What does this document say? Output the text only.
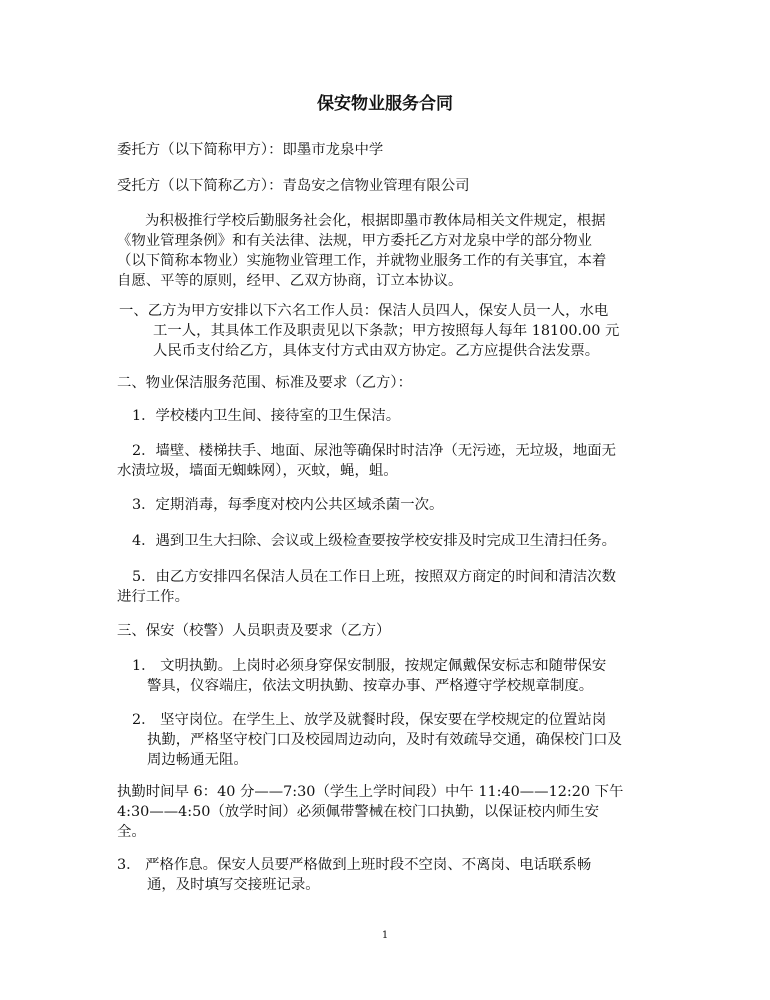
保安物业服务合同

委托方（以下简称甲方）：即墨市龙泉中学

受托方（以下简称乙方）：青岛安之信物业管理有限公司

为积极推行学校后勤服务社会化，根据即墨市教体局相关文件规定，根据

《物业管理条例》和有关法律、法规，甲方委托乙方对龙泉中学的部分物业

（以下简称本物业）实施物业管理工作，并就物业服务工作的有关事宜，本着

自愿、平等的原则，经甲、乙双方协商，订立本协议。

一、乙方为甲方安排以下六名工作人员：保洁人员四人，保安人员一人，水电

工一人，其具体工作及职责见以下条款；甲方按照每人每年 18100.00 元

人民币支付给乙方，具体支付方式由双方协定。乙方应提供合法发票。

二、物业保洁服务范围、标准及要求（乙方）：

1．学校楼内卫生间、接待室的卫生保洁。

2．墙壁、楼梯扶手、地面、尿池等确保时时洁净（无污迹，无垃圾，地面无

水渍垃圾，墙面无蜘蛛网），灭蚊，蝇，蛆。

3．定期消毒，每季度对校内公共区域杀菌一次。

4．遇到卫生大扫除、会议或上级检查要按学校安排及时完成卫生清扫任务。

5．由乙方安排四名保洁人员在工作日上班，按照双方商定的时间和清洁次数

进行工作。

三、保安（校警）人员职责及要求（乙方）

1． 文明执勤。上岗时必须身穿保安制服，按规定佩戴保安标志和随带保安

警具，仪容端庄，依法文明执勤、按章办事、严格遵守学校规章制度。

2． 坚守岗位。在学生上、放学及就餐时段，保安要在学校规定的位置站岗

执勤，严格坚守校门口及校园周边动向，及时有效疏导交通，确保校门口及

周边畅通无阻。

执勤时间早 6：40 分——7:30（学生上学时间段）中午 11:40——12:20 下午

4:30——4:50（放学时间）必须佩带警械在校门口执勤，以保证校内师生安

全。

3． 严格作息。保安人员要严格做到上班时段不空岗、不离岗、电话联系畅

通，及时填写交接班记录。

1
